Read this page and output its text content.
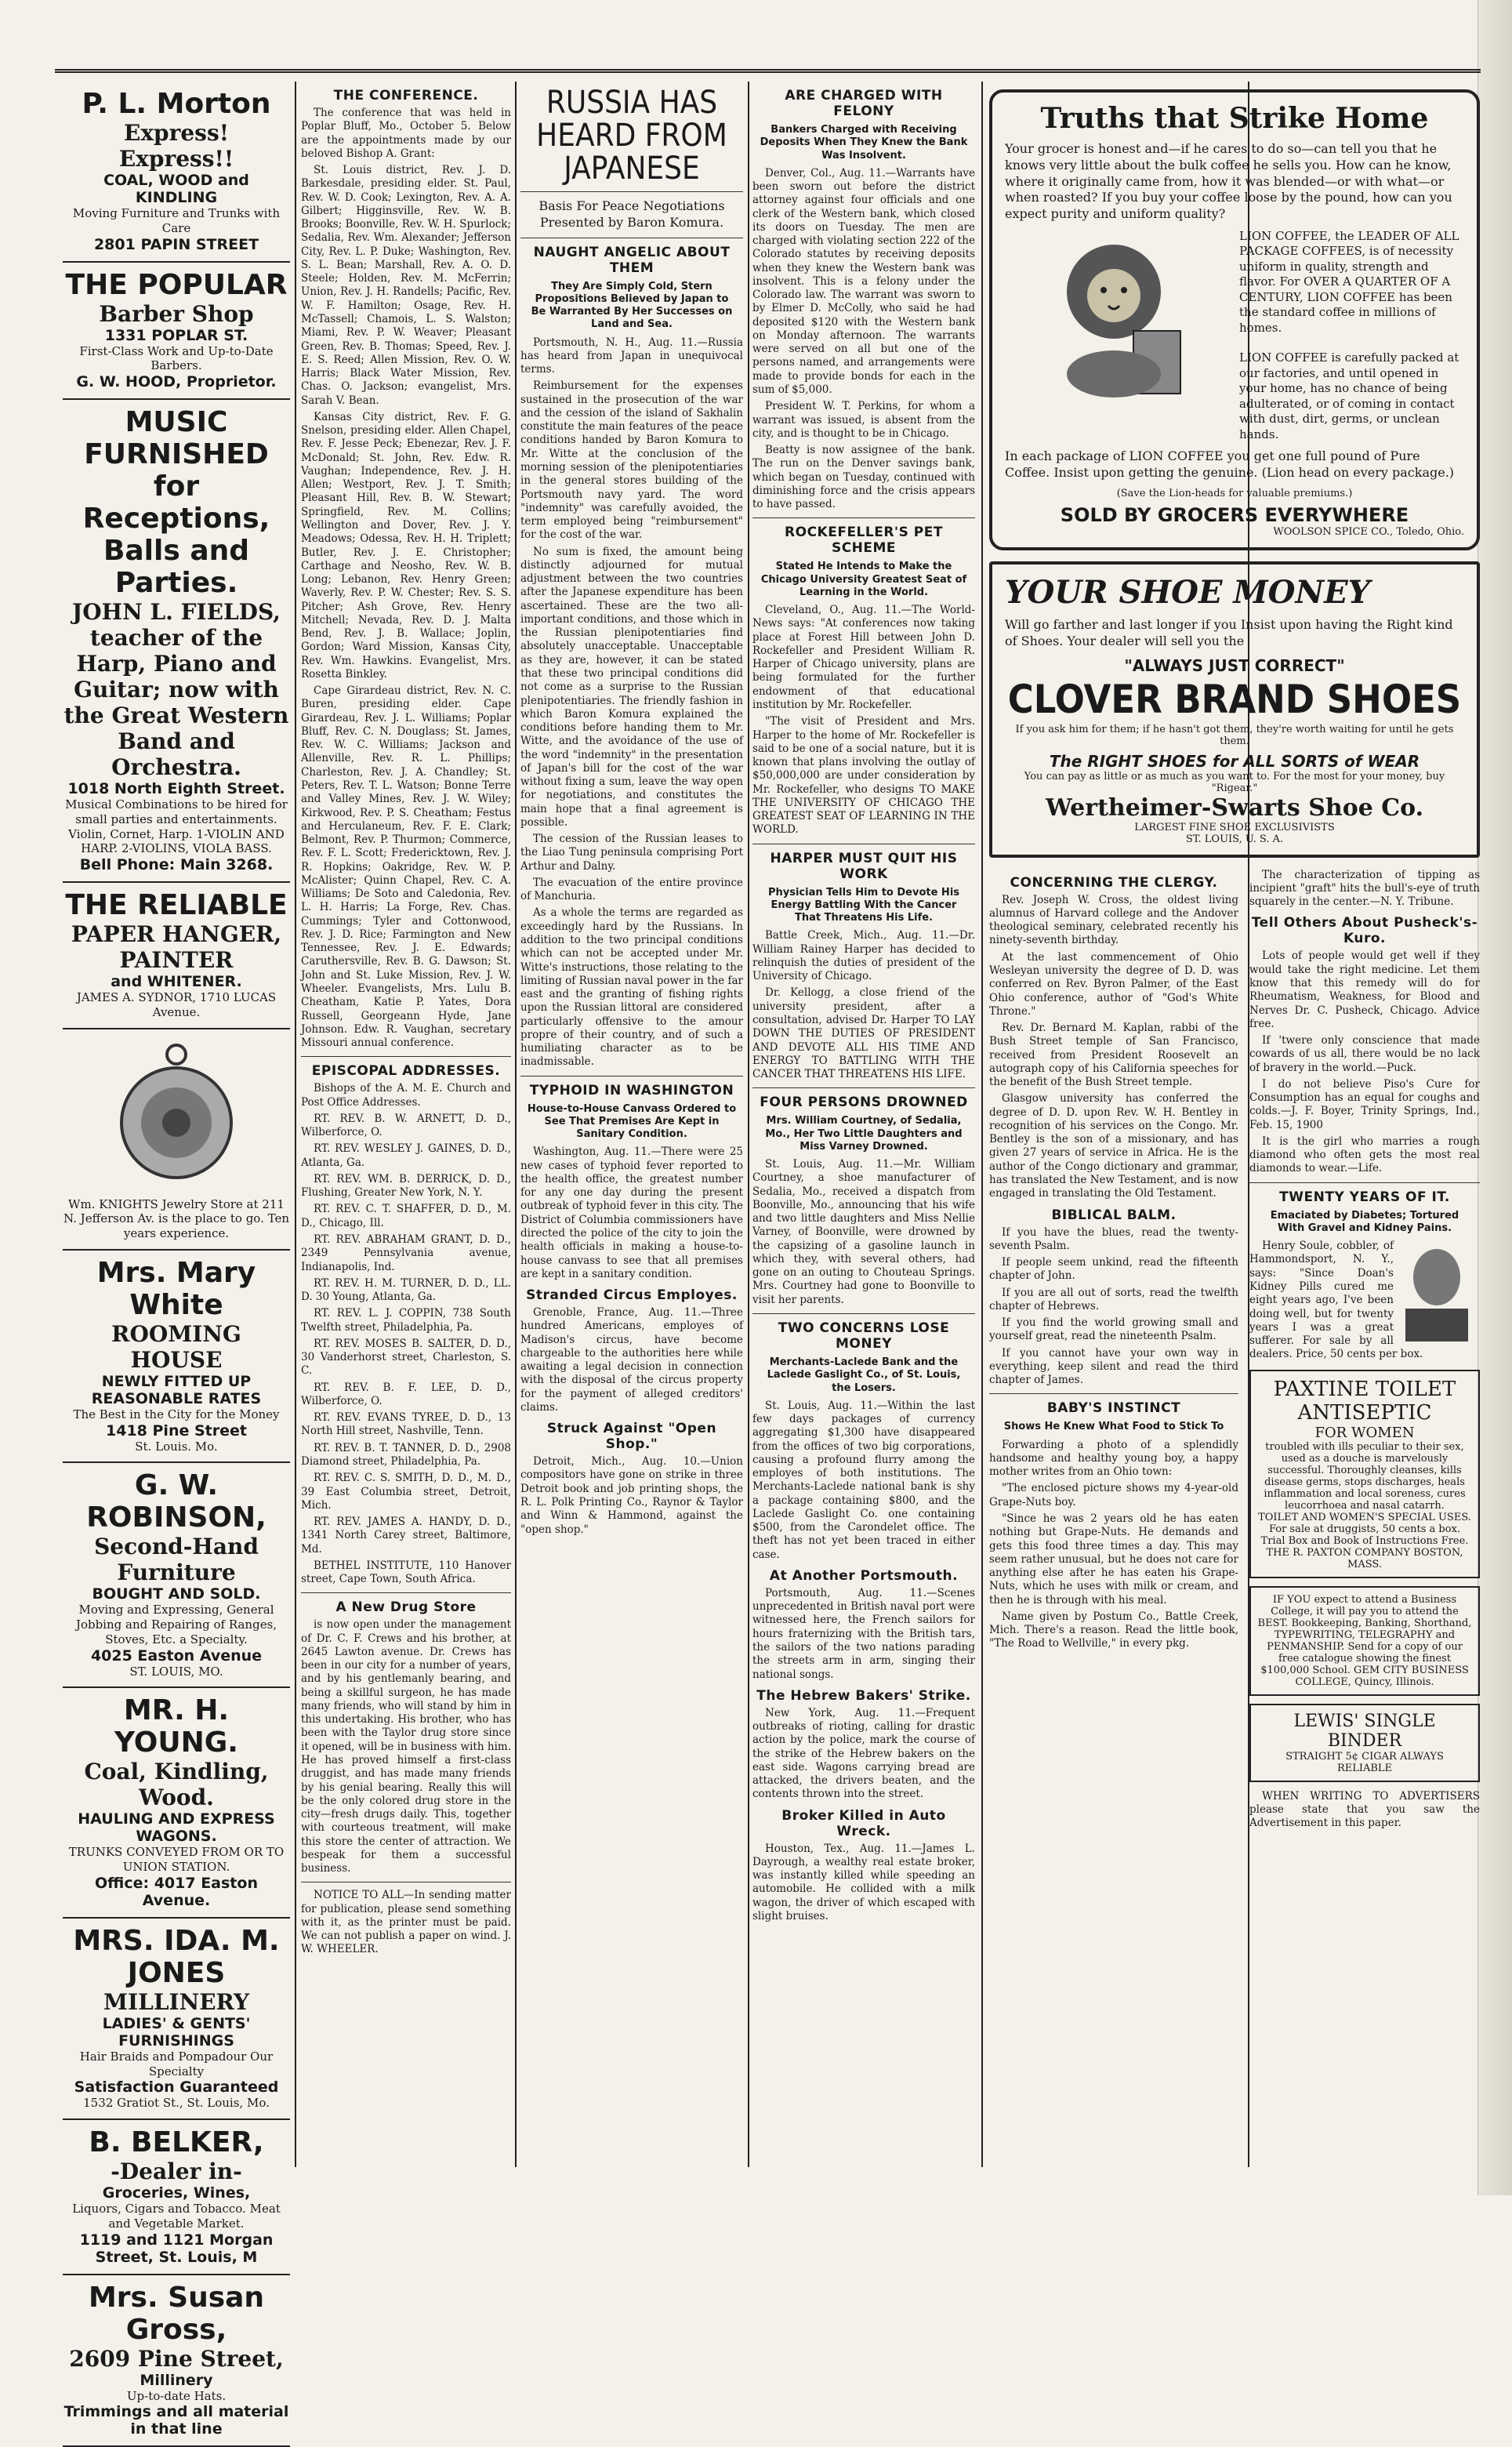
P. L. Morton
Express! Express!!
COAL, WOOD and KINDLING
Moving Furniture and Trunks with Care
2801 PAPIN STREET
THE POPULAR
Barber Shop
1331 POPLAR ST.
First-Class Work and Up-to-Date Barbers.
G. W. HOOD, Proprietor.
MUSIC FURNISHED for Receptions, Balls and Parties.
JOHN L. FIELDS, teacher of the Harp, Piano and Guitar; now with the Great Western Band and Orchestra.
1018 North Eighth Street.
Musical Combinations to be hired for small parties and entertainments. Violin, Cornet, Harp. 1-VIOLIN AND HARP. 2-VIOLINS, VIOLA BASS.
Bell Phone: Main 3268.
THE RELIABLE
PAPER HANGER, PAINTER
and WHITENER.
JAMES A. SYDNOR, 1710 LUCAS Avenue.
Wm. KNIGHTS Jewelry Store at 211 N. Jefferson Av. is the place to go. Ten years experience.
Mrs. Mary White
ROOMING HOUSE
NEWLY FITTED UP REASONABLE RATES
The Best in the City for the Money
1418 Pine Street
St. Louis. Mo.
G. W. ROBINSON,
Second-Hand Furniture
BOUGHT AND SOLD.
Moving and Expressing, General Jobbing and Repairing of Ranges, Stoves, Etc. a Specialty.
4025 Easton Avenue
ST. LOUIS, MO.
MR. H. YOUNG.
Coal, Kindling, Wood.
HAULING AND EXPRESS WAGONS.
TRUNKS CONVEYED FROM OR TO UNION STATION.
Office: 4017 Easton Avenue.
MRS. IDA. M. JONES
MILLINERY
LADIES' & GENTS' FURNISHINGS
Hair Braids and Pompadour Our Specialty
Satisfaction Guaranteed
1532 Gratiot St., St. Louis, Mo.
B. BELKER,
-Dealer in-
Groceries, Wines,
Liquors, Cigars and Tobacco. Meat and Vegetable Market.
1119 and 1121 Morgan Street, St. Louis, M
Mrs. Susan Gross,
2609 Pine Street,
Millinery
Up-to-date Hats.
Trimmings and all material in that line
THE CONFERENCE.

The conference that was held in Poplar Bluff, Mo., October 5. Below are the appointments made by our beloved Bishop A. Grant:

St. Louis district, Rev. J. D. Barkesdale, presiding elder. St. Paul, Rev. W. D. Cook; Lexington, Rev. A. A. Gilbert; Higginsville, Rev. W. B. Brooks; Boonville, Rev. W. H. Spurlock; Sedalia, Rev. Wm. Alexander; Jefferson City, Rev. L. P. Duke; Washington, Rev. S. L. Bean; Marshall, Rev. A. O. D. Steele; Holden, Rev. M. McFerrin; Union, Rev. J. H. Randells; Pacific, Rev. W. F. Hamilton; Osage, Rev. H. McTassell; Chamois, L. S. Walston; Miami, Rev. P. W. Weaver; Pleasant Green, Rev. B. Thomas; Speed, Rev. J. E. S. Reed; Allen Mission, Rev. O. W. Harris; Black Water Mission, Rev. Chas. O. Jackson; evangelist, Mrs. Sarah V. Bean.

Kansas City district, Rev. F. G. Snelson, presiding elder. Allen Chapel, Rev. F. Jesse Peck; Ebenezar, Rev. J. F. McDonald; St. John, Rev. Edw. R. Vaughan; Independence, Rev. J. H. Allen; Westport, Rev. J. T. Smith; Pleasant Hill, Rev. B. W. Stewart; Springfield, Rev. M. Collins; Wellington and Dover, Rev. J. Y. Meadows; Odessa, Rev. H. H. Triplett; Butler, Rev. J. E. Christopher; Carthage and Neosho, Rev. W. B. Long; Lebanon, Rev. Henry Green; Waverly, Rev. P. W. Chester; Rev. S. S. Pitcher; Ash Grove, Rev. Henry Mitchell; Nevada, Rev. D. J. Malta Bend, Rev. J. B. Wallace; Joplin, Gordon; Ward Mission, Kansas City, Rev. Wm. Hawkins. Evangelist, Mrs. Rosetta Binkley.

Cape Girardeau district, Rev. N. C. Buren, presiding elder. Cape Girardeau, Rev. J. L. Williams; Poplar Bluff, Rev. C. N. Douglass; St. James, Rev. W. C. Williams; Jackson and Allenville, Rev. R. L. Phillips; Charleston, Rev. J. A. Chandley; St. Peters, Rev. T. L. Watson; Bonne Terre and Valley Mines, Rev. J. W. Wiley; Kirkwood, Rev. P. S. Cheatham; Festus and Herculaneum, Rev. F. E. Clark; Belmont, Rev. P. Thurmon; Commerce, Rev. F. L. Scott; Fredericktown, Rev. J. R. Hopkins; Oakridge, Rev. W. P. McAlister; Quinn Chapel, Rev. C. A. Williams; De Soto and Caledonia, Rev. L. H. Harris; La Forge, Rev. Chas. Cummings; Tyler and Cottonwood, Rev. J. D. Rice; Farmington and New Tennessee, Rev. J. E. Edwards; Caruthersville, Rev. B. G. Dawson; St. John and St. Luke Mission, Rev. J. W. Wheeler. Evangelists, Mrs. Lulu B. Cheatham, Katie P. Yates, Dora Russell, Georgeann Hyde, Jane Johnson. Edw. R. Vaughan, secretary Missouri annual conference.

EPISCOPAL ADDRESSES.

Bishops of the A. M. E. Church and Post Office Addresses.

RT. REV. B. W. ARNETT, D. D., Wilberforce, O.

RT. REV. WESLEY J. GAINES, D. D., Atlanta, Ga.

RT. REV. WM. B. DERRICK, D. D., Flushing, Greater New York, N. Y.

RT. REV. C. T. SHAFFER, D. D., M. D., Chicago, Ill.

RT. REV. ABRAHAM GRANT, D. D., 2349 Pennsylvania avenue, Indianapolis, Ind.

RT. REV. H. M. TURNER, D. D., LL. D. 30 Young, Atlanta, Ga.

RT. REV. L. J. COPPIN, 738 South Twelfth street, Philadelphia, Pa.

RT. REV. MOSES B. SALTER, D. D., 30 Vanderhorst street, Charleston, S. C.

RT. REV. B. F. LEE, D. D., Wilberforce, O.

RT. REV. EVANS TYREE, D. D., 13 North Hill street, Nashville, Tenn.

RT. REV. B. T. TANNER, D. D., 2908 Diamond street, Philadelphia, Pa.

RT. REV. C. S. SMITH, D. D., M. D., 39 East Columbia street, Detroit, Mich.

RT. REV. JAMES A. HANDY, D. D., 1341 North Carey street, Baltimore, Md.

BETHEL INSTITUTE, 110 Hanover street, Cape Town, South Africa.

A New Drug Store

is now open under the management of Dr. C. F. Crews and his brother, at 2645 Lawton avenue. Dr. Crews has been in our city for a number of years, and by his gentlemanly bearing, and being a skillful surgeon, he has made many friends, who will stand by him in this undertaking. His brother, who has been with the Taylor drug store since it opened, will be in business with him. He has proved himself a first-class druggist, and has made many friends by his genial bearing. Really this will be the only colored drug store in the city—fresh drugs daily. This, together with courteous treatment, will make this store the center of attraction. We bespeak for them a successful business.

NOTICE TO ALL—In sending matter for publication, please send something with it, as the printer must be paid. We can not publish a paper on wind. J. W. WHEELER.

RUSSIA HAS HEARD FROM JAPANESE
Basis For Peace Negotiations Presented by Baron Komura.
NAUGHT ANGELIC ABOUT THEM
They Are Simply Cold, Stern Propositions Believed by Japan to Be Warranted By Her Successes on Land and Sea.

Portsmouth, N. H., Aug. 11.—Russia has heard from Japan in unequivocal terms.

Reimbursement for the expenses sustained in the prosecution of the war and the cession of the island of Sakhalin constitute the main features of the peace conditions handed by Baron Komura to Mr. Witte at the conclusion of the morning session of the plenipotentiaries in the general stores building of the Portsmouth navy yard. The word "indemnity" was carefully avoided, the term employed being "reimbursement" for the cost of the war.

No sum is fixed, the amount being distinctly adjourned for mutual adjustment between the two countries after the Japanese expenditure has been ascertained. These are the two all-important conditions, and those which in the Russian plenipotentiaries find absolutely unacceptable. Unacceptable as they are, however, it can be stated that these two principal conditions did not come as a surprise to the Russian plenipotentiaries. The friendly fashion in which Baron Komura explained the conditions before handing them to Mr. Witte, and the avoidance of the use of the word "indemnity" in the presentation of Japan's bill for the cost of the war without fixing a sum, leave the way open for negotiations, and constitutes the main hope that a final agreement is possible.

The cession of the Russian leases to the Liao Tung peninsula comprising Port Arthur and Dalny.

The evacuation of the entire province of Manchuria.

As a whole the terms are regarded as exceedingly hard by the Russians. In addition to the two principal conditions which can not be accepted under Mr. Witte's instructions, those relating to the limiting of Russian naval power in the far east and the granting of fishing rights upon the Russian littoral are considered particularly offensive to the amour propre of their country, and of such a humiliating character as to be inadmissable.

TYPHOID IN WASHINGTON
House-to-House Canvass Ordered to See That Premises Are Kept in Sanitary Condition.

Washington, Aug. 11.—There were 25 new cases of typhoid fever reported to the health office, the greatest number for any one day during the present outbreak of typhoid fever in this city. The District of Columbia commissioners have directed the police of the city to join the health officials in making a house-to-house canvass to see that all premises are kept in a sanitary condition.

Stranded Circus Employes.

Grenoble, France, Aug. 11.—Three hundred Americans, employes of Madison's circus, have become chargeable to the authorities here while awaiting a legal decision in connection with the disposal of the circus property for the payment of alleged creditors' claims.

Struck Against "Open Shop."

Detroit, Mich., Aug. 10.—Union compositors have gone on strike in three Detroit book and job printing shops, the R. L. Polk Printing Co., Raynor & Taylor and Winn & Hammond, against the "open shop."

ARE CHARGED WITH FELONY
Bankers Charged with Receiving Deposits When They Knew the Bank Was Insolvent.

Denver, Col., Aug. 11.—Warrants have been sworn out before the district attorney against four officials and one clerk of the Western bank, which closed its doors on Tuesday. The men are charged with violating section 222 of the Colorado statutes by receiving deposits when they knew the Western bank was insolvent. This is a felony under the Colorado law. The warrant was sworn to by Elmer D. McColly, who said he had deposited $120 with the Western bank on Monday afternoon. The warrants were served on all but one of the persons named, and arrangements were made to provide bonds for each in the sum of $5,000.

President W. T. Perkins, for whom a warrant was issued, is absent from the city, and is thought to be in Chicago.

Beatty is now assignee of the bank. The run on the Denver savings bank, which began on Tuesday, continued with diminishing force and the crisis appears to have passed.

ROCKEFELLER'S PET SCHEME
Stated He Intends to Make the Chicago University Greatest Seat of Learning in the World.

Cleveland, O., Aug. 11.—The World-News says: "At conferences now taking place at Forest Hill between John D. Rockefeller and President William R. Harper of Chicago university, plans are being formulated for the further endowment of that educational institution by Mr. Rockefeller.

"The visit of President and Mrs. Harper to the home of Mr. Rockefeller is said to be one of a social nature, but it is known that plans involving the outlay of $50,000,000 are under consideration by Mr. Rockefeller, who designs TO MAKE THE UNIVERSITY OF CHICAGO THE GREATEST SEAT OF LEARNING IN THE WORLD.

HARPER MUST QUIT HIS WORK
Physician Tells Him to Devote His Energy Battling With the Cancer That Threatens His Life.

Battle Creek, Mich., Aug. 11.—Dr. William Rainey Harper has decided to relinquish the duties of president of the University of Chicago.

Dr. Kellogg, a close friend of the university president, after a consultation, advised Dr. Harper TO LAY DOWN THE DUTIES OF PRESIDENT AND DEVOTE ALL HIS TIME AND ENERGY TO BATTLING WITH THE CANCER THAT THREATENS HIS LIFE.

FOUR PERSONS DROWNED
Mrs. William Courtney, of Sedalia, Mo., Her Two Little Daughters and Miss Varney Drowned.

St. Louis, Aug. 11.—Mr. William Courtney, a shoe manufacturer of Sedalia, Mo., received a dispatch from Boonville, Mo., announcing that his wife and two little daughters and Miss Nellie Varney, of Boonville, were drowned by the capsizing of a gasoline launch in which they, with several others, had gone on an outing to Chouteau Springs. Mrs. Courtney had gone to Boonville to visit her parents.

TWO CONCERNS LOSE MONEY
Merchants-Laclede Bank and the Laclede Gaslight Co., of St. Louis, the Losers.

St. Louis, Aug. 11.—Within the last few days packages of currency aggregating $1,300 have disappeared from the offices of two big corporations, causing a profound flurry among the employes of both institutions. The Merchants-Laclede national bank is shy a package containing $800, and the Laclede Gaslight Co. one containing $500, from the Carondelet office. The theft has not yet been traced in either case.

At Another Portsmouth.

Portsmouth, Aug. 11.—Scenes unprecedented in British naval port were witnessed here, the French sailors for hours fraternizing with the British tars, the sailors of the two nations parading the streets arm in arm, singing their national songs.

The Hebrew Bakers' Strike.

New York, Aug. 11.—Frequent outbreaks of rioting, calling for drastic action by the police, mark the course of the strike of the Hebrew bakers on the east side. Wagons carrying bread are attacked, the drivers beaten, and the contents thrown into the street.

Broker Killed in Auto Wreck.

Houston, Tex., Aug. 11.—James L. Dayrough, a wealthy real estate broker, was instantly killed while speeding an automobile. He collided with a milk wagon, the driver of which escaped with slight bruises.

Truths that Strike Home
Your grocer is honest and—if he cares to do so—can tell you that he knows very little about the bulk coffee he sells you. How can he know, where it originally came from, how it was blended—or with what—or when roasted? If you buy your coffee loose by the pound, how can you expect purity and uniform quality?
LION COFFEE, the LEADER OF ALL PACKAGE COFFEES, is of necessity uniform in quality, strength and flavor. For OVER A QUARTER OF A CENTURY, LION COFFEE has been the standard coffee in millions of homes.

LION COFFEE is carefully packed at our factories, and until opened in your home, has no chance of being adulterated, or of coming in contact with dust, dirt, germs, or unclean hands.
In each package of LION COFFEE you get one full pound of Pure Coffee. Insist upon getting the genuine. (Lion head on every package.)
(Save the Lion-heads for valuable premiums.)
SOLD BY GROCERS EVERYWHERE
WOOLSON SPICE CO., Toledo, Ohio.
YOUR SHOE MONEY
Will go farther and last longer if you Insist upon having the Right kind of Shoes. Your dealer will sell you the
"ALWAYS JUST CORRECT"
CLOVER BRAND SHOES
If you ask him for them; if he hasn't got them, they're worth waiting for until he gets them.
The RIGHT SHOES for ALL SORTS of WEAR
You can pay as little or as much as you want to. For the most for your money, buy "Rigear."
Wertheimer-Swarts Shoe Co.
LARGEST FINE SHOE EXCLUSIVISTS
ST. LOUIS, U. S. A.
CONCERNING THE CLERGY.

Rev. Joseph W. Cross, the oldest living alumnus of Harvard college and the Andover theological seminary, celebrated recently his ninety-seventh birthday.

At the last commencement of Ohio Wesleyan university the degree of D. D. was conferred on Rev. Byron Palmer, of the East Ohio conference, author of "God's White Throne."

Rev. Dr. Bernard M. Kaplan, rabbi of the Bush Street temple of San Francisco, received from President Roosevelt an autograph copy of his California speeches for the benefit of the Bush Street temple.

Glasgow university has conferred the degree of D. D. upon Rev. W. H. Bentley in recognition of his services on the Congo. Mr. Bentley is the son of a missionary, and has given 27 years of service in Africa. He is the author of the Congo dictionary and grammar, has translated the New Testament, and is now engaged in translating the Old Testament.

BIBLICAL BALM.

If you have the blues, read the twenty-seventh Psalm.

If people seem unkind, read the fifteenth chapter of John.

If you are all out of sorts, read the twelfth chapter of Hebrews.

If you find the world growing small and yourself great, read the nineteenth Psalm.

If you cannot have your own way in everything, keep silent and read the third chapter of James.

BABY'S INSTINCT
Shows He Knew What Food to Stick To

Forwarding a photo of a splendidly handsome and healthy young boy, a happy mother writes from an Ohio town:

"The enclosed picture shows my 4-year-old Grape-Nuts boy.

"Since he was 2 years old he has eaten nothing but Grape-Nuts. He demands and gets this food three times a day. This may seem rather unusual, but he does not care for anything else after he has eaten his Grape-Nuts, which he uses with milk or cream, and then he is through with his meal.

Name given by Postum Co., Battle Creek, Mich. There's a reason. Read the little book, "The Road to Wellville," in every pkg.

The characterization of tipping as incipient "graft" hits the bull's-eye of truth squarely in the center.—N. Y. Tribune.

Tell Others About Pusheck's-Kuro.

Lots of people would get well if they would take the right medicine. Let them know that this remedy will do for Rheumatism, Weakness, for Blood and Nerves Dr. C. Pusheck, Chicago. Advice free.

If 'twere only conscience that made cowards of us all, there would be no lack of bravery in the world.—Puck.

I do not believe Piso's Cure for Consumption has an equal for coughs and colds.—J. F. Boyer, Trinity Springs, Ind., Feb. 15, 1900

It is the girl who marries a rough diamond who often gets the most real diamonds to wear.—Life.

TWENTY YEARS OF IT.
Emaciated by Diabetes; Tortured With Gravel and Kidney Pains.

Henry Soule, cobbler, of Hammondsport, N. Y., says: "Since Doan's Kidney Pills cured me eight years ago, I've been doing well, but for twenty years I was a great sufferer. For sale by all dealers. Price, 50 cents per box.

PAXTINE TOILET ANTISEPTIC
FOR WOMEN
troubled with ills peculiar to their sex, used as a douche is marvelously successful. Thoroughly cleanses, kills disease germs, stops discharges, heals inflammation and local soreness, cures leucorrhoea and nasal catarrh.
TOILET AND WOMEN'S SPECIAL USES. For sale at druggists, 50 cents a box. Trial Box and Book of Instructions Free. THE R. PAXTON COMPANY BOSTON, MASS.
IF YOU expect to attend a Business College, it will pay you to attend the BEST. Bookkeeping, Banking, Shorthand, TYPEWRITING, TELEGRAPHY and PENMANSHIP. Send for a copy of our free catalogue showing the finest $100,000 School. GEM CITY BUSINESS COLLEGE, Quincy, Illinois.
LEWIS' SINGLE BINDER
STRAIGHT 5¢ CIGAR ALWAYS RELIABLE

WHEN WRITING TO ADVERTISERS please state that you saw the Advertisement in this paper.
